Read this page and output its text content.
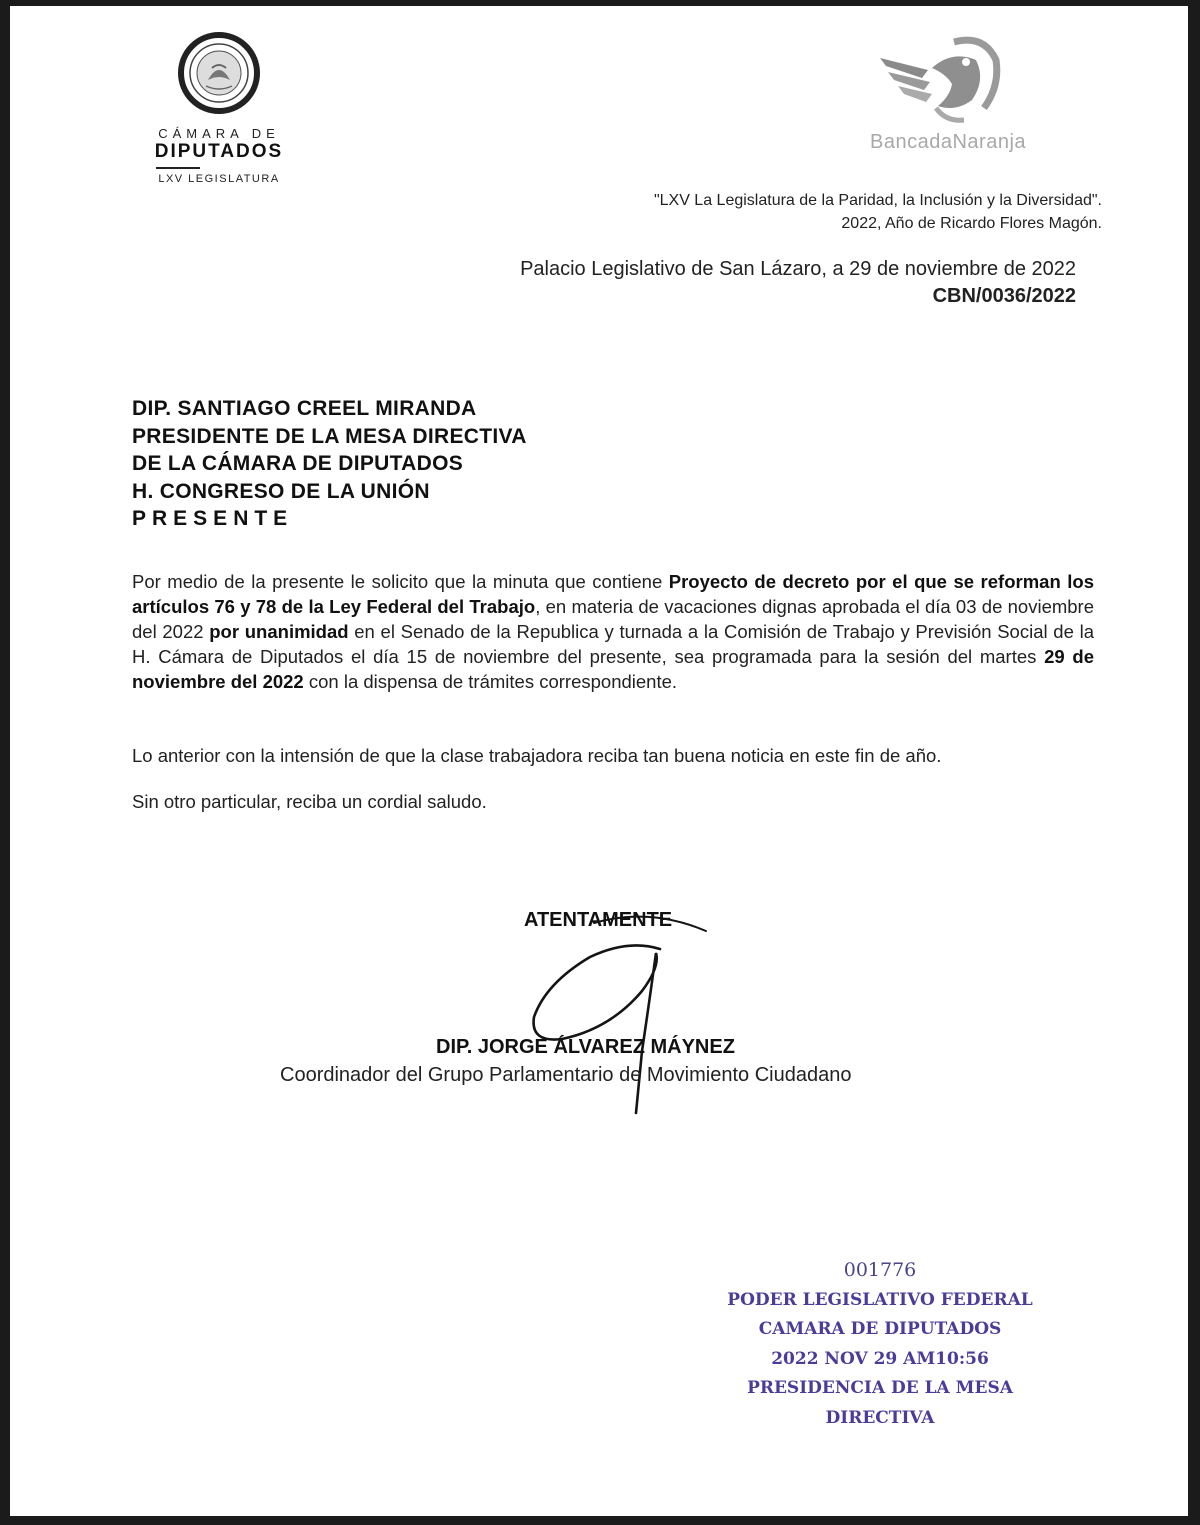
CÁMARA DE
DIPUTADOS
LXV LEGISLATURA
BancadaNaranja
"LXV La Legislatura de la Paridad, la Inclusión y la Diversidad".
2022, Año de Ricardo Flores Magón.
Palacio Legislativo de San Lázaro, a 29 de noviembre de 2022
CBN/0036/2022
DIP. SANTIAGO CREEL MIRANDA
PRESIDENTE DE LA MESA DIRECTIVA
DE LA CÁMARA DE DIPUTADOS
H. CONGRESO DE LA UNIÓN
PRESENTE
Por medio de la presente le solicito que la minuta que contiene Proyecto de decreto por el que se reforman los artículos 76 y 78 de la Ley Federal del Trabajo, en materia de vacaciones dignas aprobada el día 03 de noviembre del 2022 por unanimidad en el Senado de la Republica y turnada a la Comisión de Trabajo y Previsión Social de la H. Cámara de Diputados el día 15 de noviembre del presente, sea programada para la sesión del martes 29 de noviembre del 2022 con la dispensa de trámites correspondiente.
Lo anterior con la intensión de que la clase trabajadora reciba tan buena noticia en este fin de año.
Sin otro particular, reciba un cordial saludo.
ATENTAMENTE
DIP. JORGE ÁLVAREZ MÁYNEZ
Coordinador del Grupo Parlamentario de Movimiento Ciudadano
001776
PODER LEGISLATIVO FEDERAL
CAMARA DE DIPUTADOS
2022 NOV 29 AM10:56
PRESIDENCIA DE LA MESA DIRECTIVA
